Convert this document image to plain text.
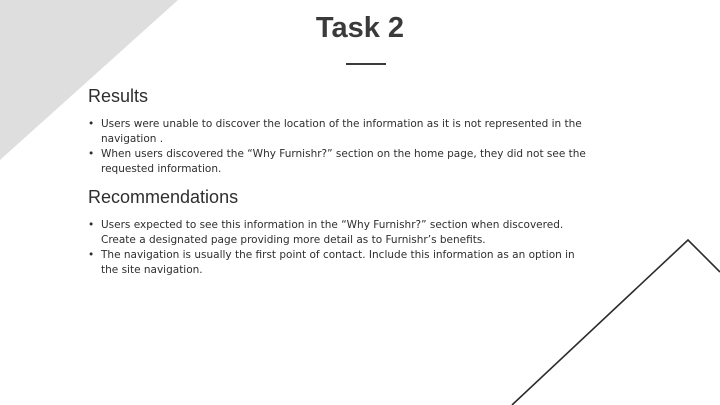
Task 2
Results
• Users were unable to discover the location of the information as it is not represented in the navigation .
• When users discovered the “Why Furnishr?” section on the home page, they did not see the requested information.
Recommendations
• Users expected to see this information in the “Why Furnishr?” section when discovered. Create a designated page providing more detail as to Furnishr’s benefits.
• The navigation is usually the first point of contact. Include this information as an option in the site navigation.
